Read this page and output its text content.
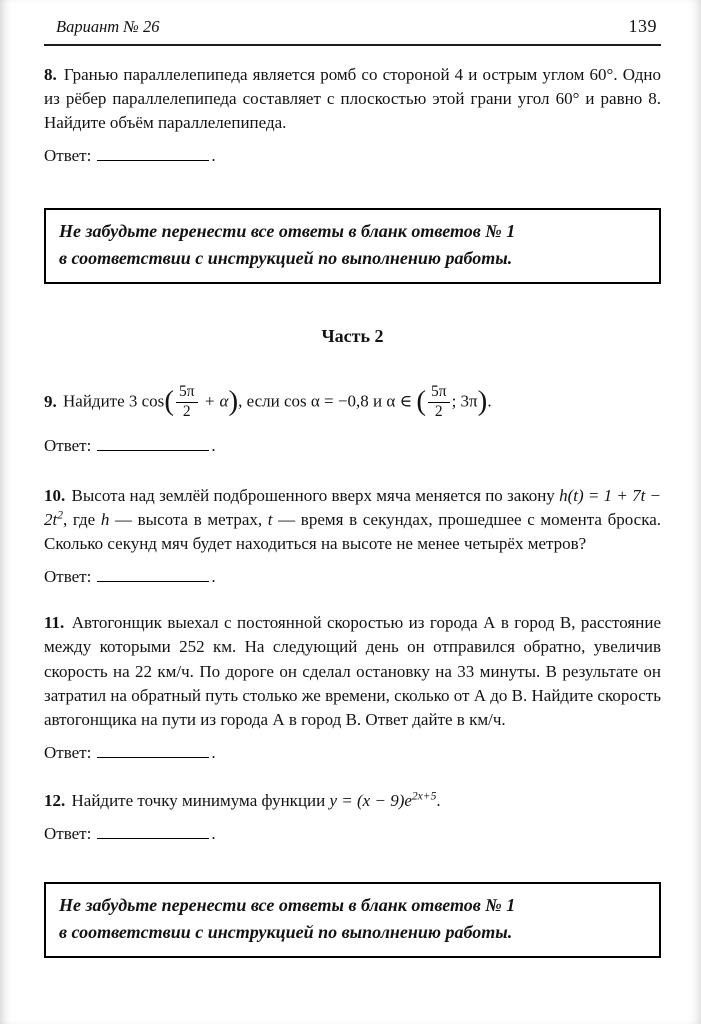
Вариант № 26	139

8. Гранью параллелепипеда является ромб со стороной 4 и острым углом 60°. Одно из рёбер параллелепипеда составляет с плоскостью этой грани угол 60° и равно 8. Найдите объём параллелепипеда.

Ответ:	.

Не забудьте перенести все ответы в бланк ответов № 1
в соответствии с инструкцией по выполнению работы.
Часть 2

9. Найдите 3 $\cos( \frac{5\pi}{2} + \alpha)$, если cos α = −0,8 и α ∈ ( $\frac{5\pi}{2}$ ; 3π).

Ответ:	.

10. Высота над землёй подброшенного вверх мяча меняется по закону $h(t) = 1 + 7t - 2t^2$, где h — высота в метрах, t — время в секундах, прошедшее с момента броска. Сколько секунд мяч будет находиться на высоте не менее четырёх метров?

Ответ:	.

11. Автогонщик выехал с постоянной скоростью из города А в город В, расстояние между которыми 252 км. На следующий день он отправился обратно, увеличив скорость на 22 км/ч. По дороге он сделал остановку на 33 минуты. В результате он затратил на обратный путь столько же времени, сколько от А до В. Найдите скорость автогонщика на пути из города А в город В. Ответ дайте в км/ч.

Ответ:	.

12. Найдите точку минимума функции $y = (x - 9)e^{2x+5}$.

Ответ:	.

Не забудьте перенести все ответы в бланк ответов № 1
в соответствии с инструкцией по выполнению работы.
